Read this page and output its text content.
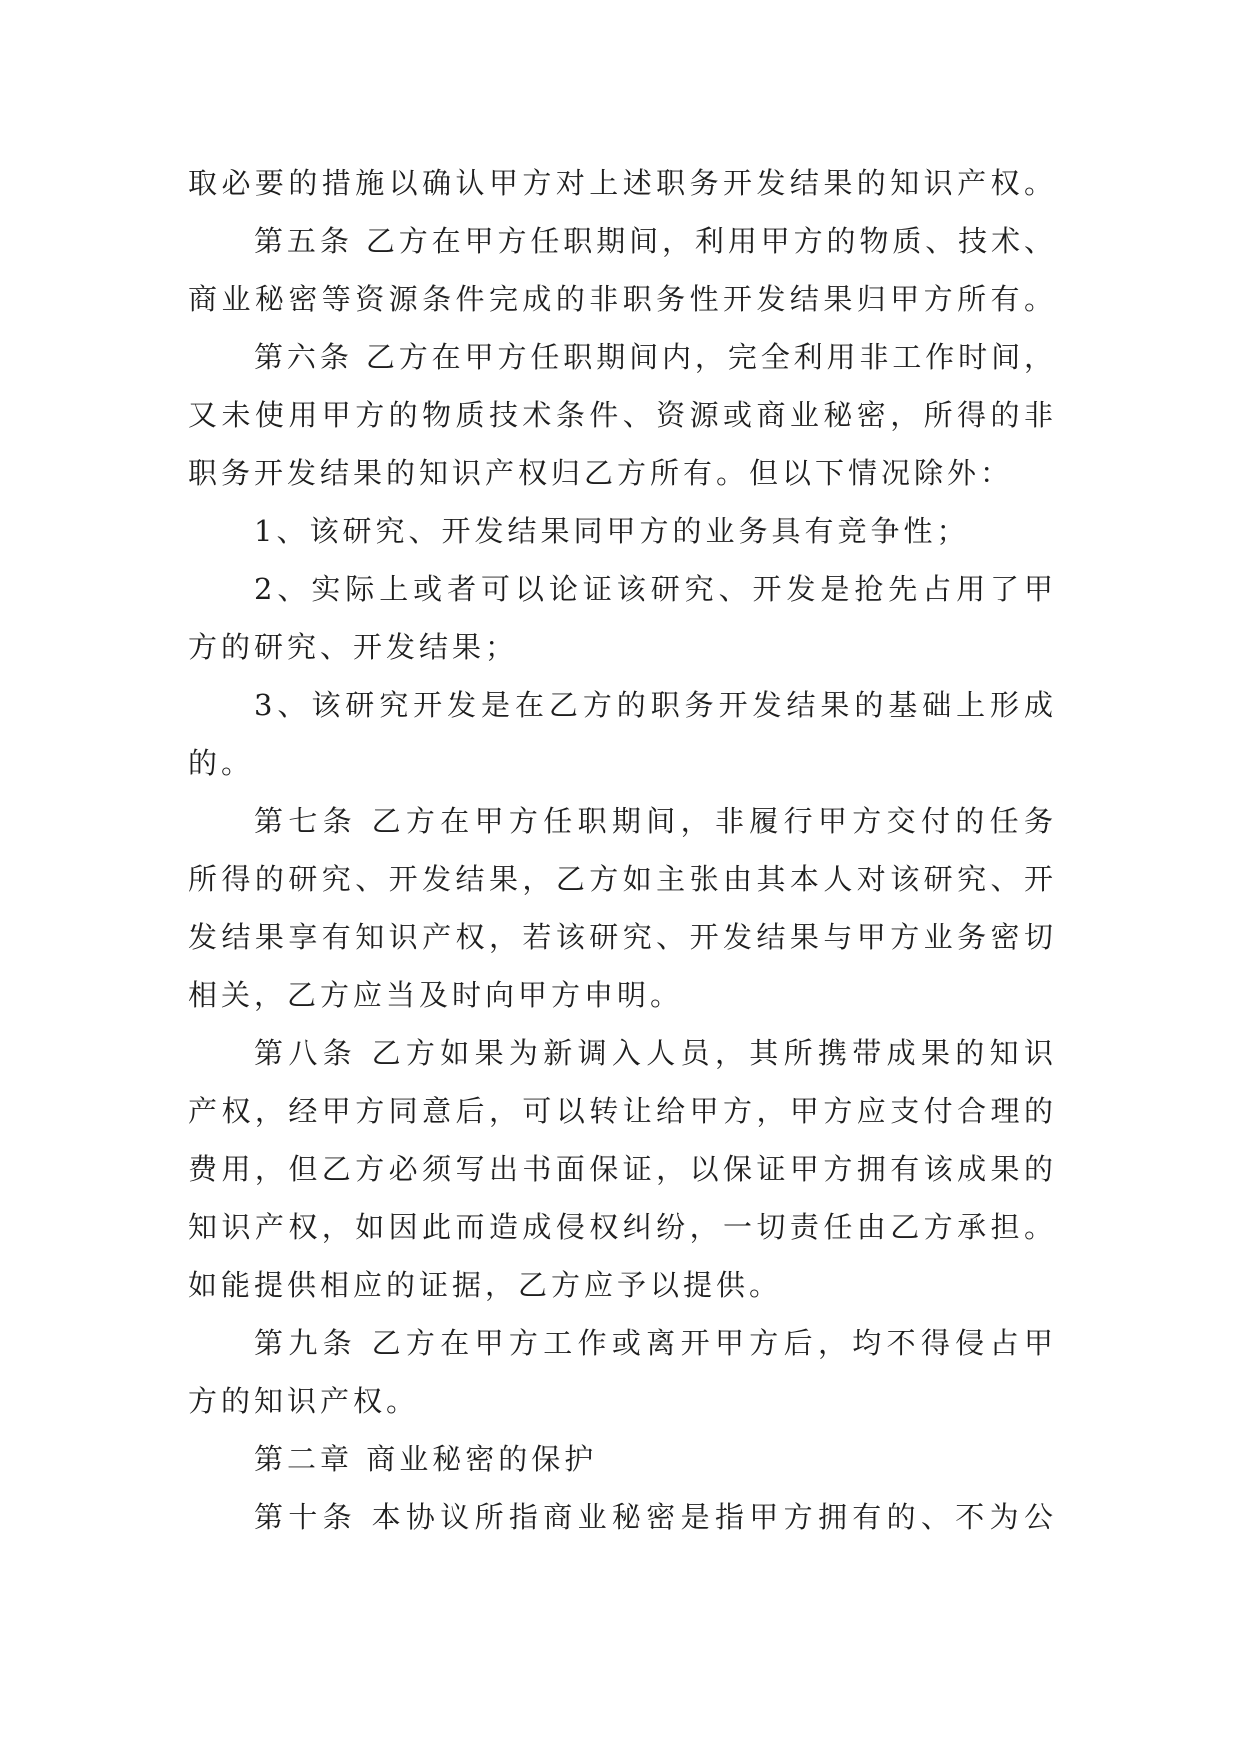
取必要的措施以确认甲方对上述职务开发结果的知识产权。
第五条 乙方在甲方任职期间，利用甲方的物质、技术、
商业秘密等资源条件完成的非职务性开发结果归甲方所有。
第六条 乙方在甲方任职期间内，完全利用非工作时间，
又未使用甲方的物质技术条件、资源或商业秘密，所得的非
职务开发结果的知识产权归乙方所有。但以下情况除外：
1、该研究、开发结果同甲方的业务具有竞争性；
2、实际上或者可以论证该研究、开发是抢先占用了甲
方的研究、开发结果；
3、该研究开发是在乙方的职务开发结果的基础上形成
的。
第七条 乙方在甲方任职期间，非履行甲方交付的任务
所得的研究、开发结果，乙方如主张由其本人对该研究、开
发结果享有知识产权，若该研究、开发结果与甲方业务密切
相关，乙方应当及时向甲方申明。
第八条 乙方如果为新调入人员，其所携带成果的知识
产权，经甲方同意后，可以转让给甲方，甲方应支付合理的
费用，但乙方必须写出书面保证，以保证甲方拥有该成果的
知识产权，如因此而造成侵权纠纷，一切责任由乙方承担。
如能提供相应的证据，乙方应予以提供。
第九条 乙方在甲方工作或离开甲方后，均不得侵占甲
方的知识产权。
第二章 商业秘密的保护
第十条 本协议所指商业秘密是指甲方拥有的、不为公
